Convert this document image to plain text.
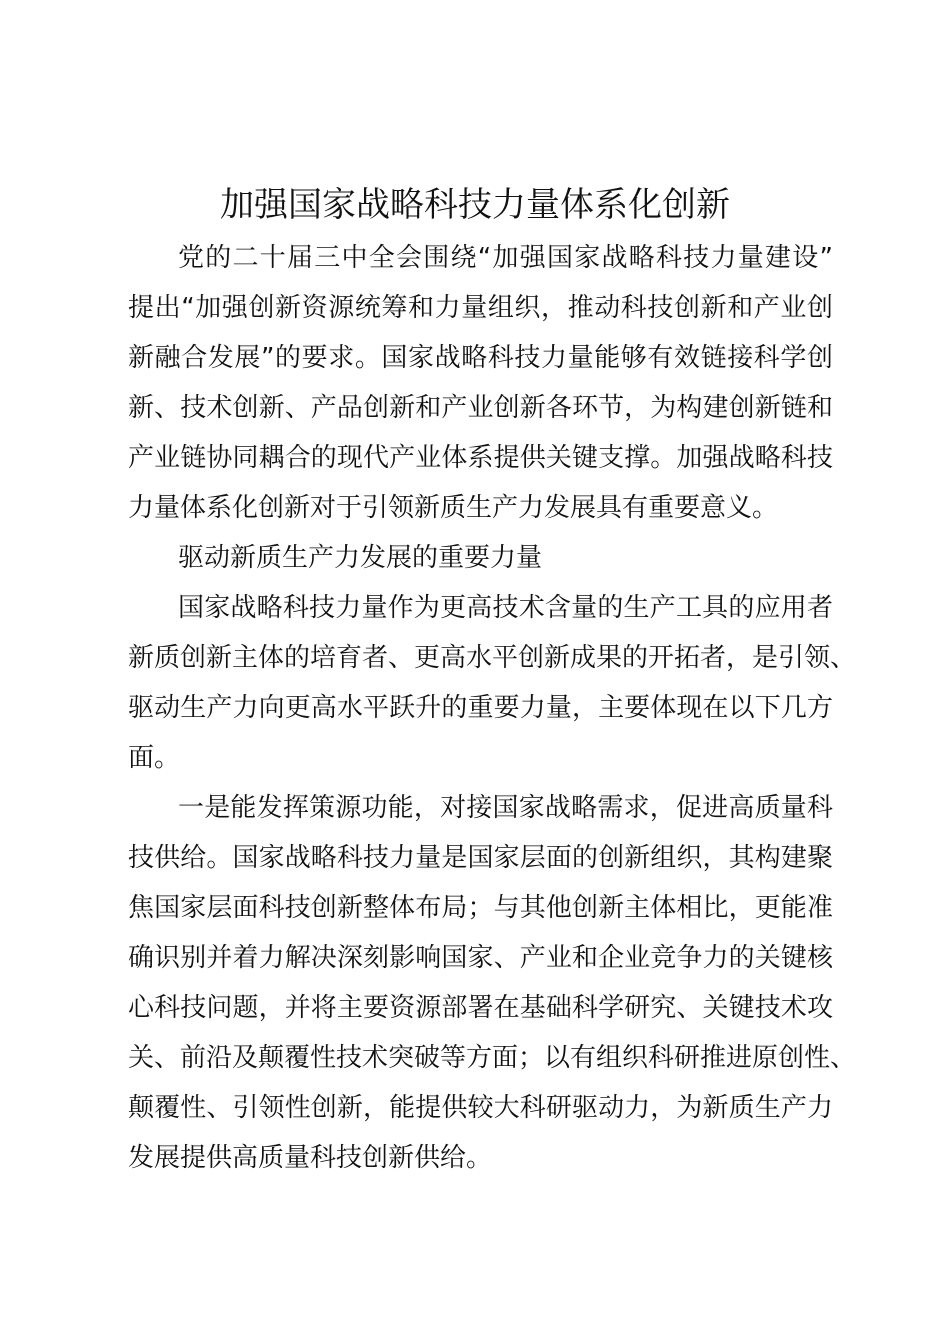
加强国家战略科技力量体系化创新
党的二十届三中全会围绕“加强国家战略科技力量建设”
提出“加强创新资源统筹和力量组织，推动科技创新和产业创
新融合发展”的要求。国家战略科技力量能够有效链接科学创
新、技术创新、产品创新和产业创新各环节，为构建创新链和
产业链协同耦合的现代产业体系提供关键支撑。加强战略科技
力量体系化创新对于引领新质生产力发展具有重要意义。
驱动新质生产力发展的重要力量
国家战略科技力量作为更高技术含量的生产工具的应用者
新质创新主体的培育者、更高水平创新成果的开拓者，是引领、
驱动生产力向更高水平跃升的重要力量，主要体现在以下几方
面。
一是能发挥策源功能，对接国家战略需求，促进高质量科
技供给。国家战略科技力量是国家层面的创新组织，其构建聚
焦国家层面科技创新整体布局；与其他创新主体相比，更能准
确识别并着力解决深刻影响国家、产业和企业竞争力的关键核
心科技问题，并将主要资源部署在基础科学研究、关键技术攻
关、前沿及颠覆性技术突破等方面；以有组织科研推进原创性、
颠覆性、引领性创新，能提供较大科研驱动力，为新质生产力
发展提供高质量科技创新供给。
